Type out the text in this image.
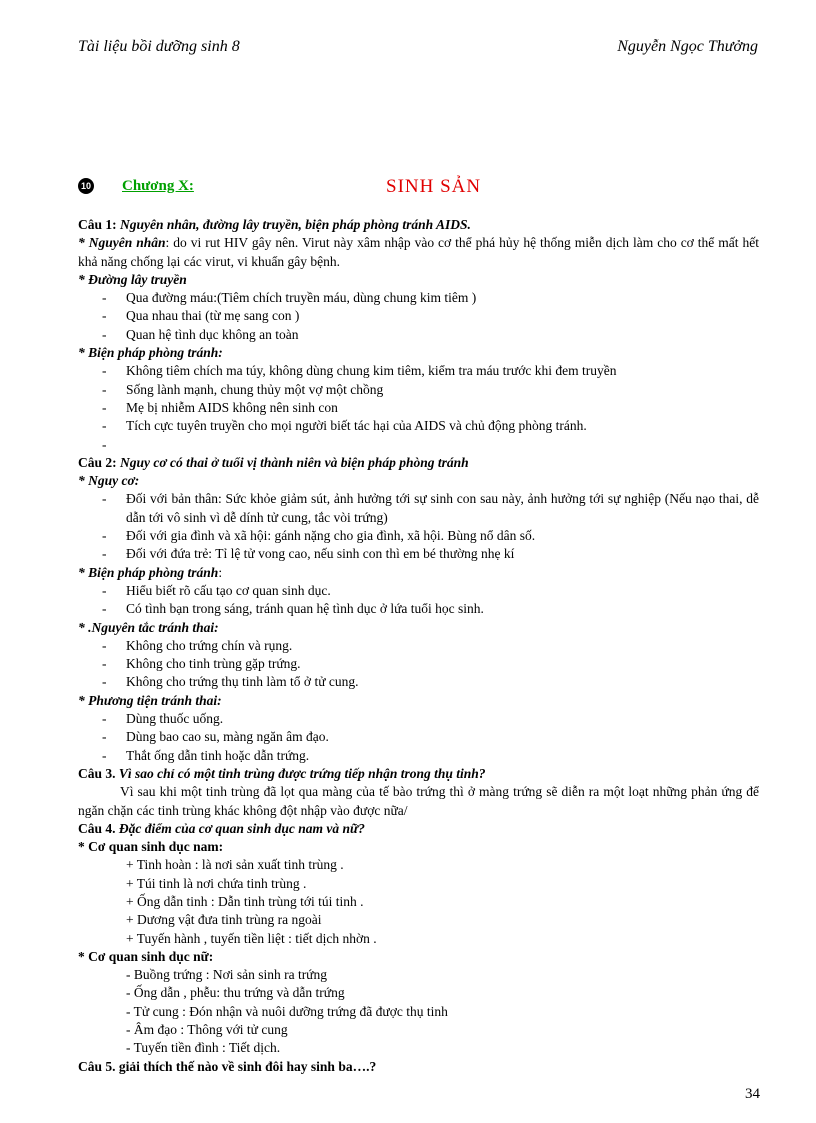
Tài liệu bồi dưỡng sinh 8	Nguyễn Ngọc Thưởng
10 Chương X:	SINH SẢN
Câu 1: Nguyên nhân, đường lây truyền, biện pháp phòng tránh AIDS.
* Nguyên nhân: do vi rut HIV gây nên. Virut này xâm nhập vào cơ thể phá hủy hệ thống miễn dịch làm cho cơ thể mất hết khả năng chống lại các virut, vi khuẩn gây bệnh.
* Đường lây truyền
- Qua đường máu:(Tiêm chích truyền máu, dùng chung kim tiêm )
- Qua nhau thai (từ mẹ sang con )
- Quan hệ tình dục không an toàn
* Biện pháp phòng tránh:
- Không tiêm chích ma túy, không dùng chung kim tiêm, kiểm tra máu trước khi đem truyền
- Sống lành mạnh, chung thủy một vợ một chồng
- Mẹ bị nhiễm AIDS không nên sinh con
- Tích cực tuyên truyền cho mọi người biết tác hại của AIDS và chủ động phòng tránh.
-
Câu 2: Nguy cơ có thai ở tuổi vị thành niên và biện pháp phòng tránh
* Nguy cơ:
- Đối với bản thân: Sức khỏe giảm sút, ảnh hưởng tới sự sinh con sau này, ảnh hưởng tới sự nghiệp (Nếu nạo thai, dễ dẫn tới vô sinh vì dễ dính tử cung, tắc vòi trứng)
- Đối với gia đình và xã hội: gánh nặng cho gia đình, xã hội. Bùng nổ dân số.
- Đối với đứa trẻ: Tỉ lệ tử vong cao, nếu sinh con thì em bé thường nhẹ kí
* Biện pháp phòng tránh:
- Hiểu biết rõ cấu tạo cơ quan sinh dục.
- Có tình bạn trong sáng, tránh quan hệ tình dục ở lứa tuổi học sinh.
* .Nguyên tắc tránh thai:
- Không cho trứng chín và rụng.
- Không cho tinh trùng gặp trứng.
- Không cho trứng thụ tinh làm tổ ở tử cung.
* Phương tiện tránh thai:
- Dùng thuốc uống.
- Dùng bao cao su, màng ngăn âm đạo.
- Thắt ống dẫn tinh hoặc dẫn trứng.
Câu 3. Vì sao chỉ có một tinh trùng được trứng tiếp nhận trong thụ tinh?
Vì sau khi một tinh trùng đã lọt qua màng của tế bào trứng thì ở màng trứng sẽ diễn ra một loạt những phản ứng để ngăn chặn các tinh trùng khác không đột nhập vào được nữa/
Câu 4. Đặc điểm của cơ quan sinh dục nam và nữ?
* Cơ quan sinh dục nam:
+ Tinh hoàn : là nơi sản xuất tinh trùng .
+ Túi tinh là nơi chứa tinh trùng .
+ Ống dẫn tinh : Dẫn tinh trùng tới túi tinh .
+ Dương vật đưa tinh trùng ra ngoài
+ Tuyến hành , tuyến tiền liệt : tiết dịch nhờn .
* Cơ quan sinh dục nữ:
- Buồng trứng : Nơi sản sinh ra trứng
- Ống dẫn , phễu: thu trứng và dẫn trứng
- Tử cung : Đón nhận và nuôi dưỡng trứng đã được thụ tinh
- Âm đạo : Thông với tử cung
- Tuyến tiền đình : Tiết dịch.
Câu 5. giải thích thế nào về sinh đôi hay sinh ba….?
34
